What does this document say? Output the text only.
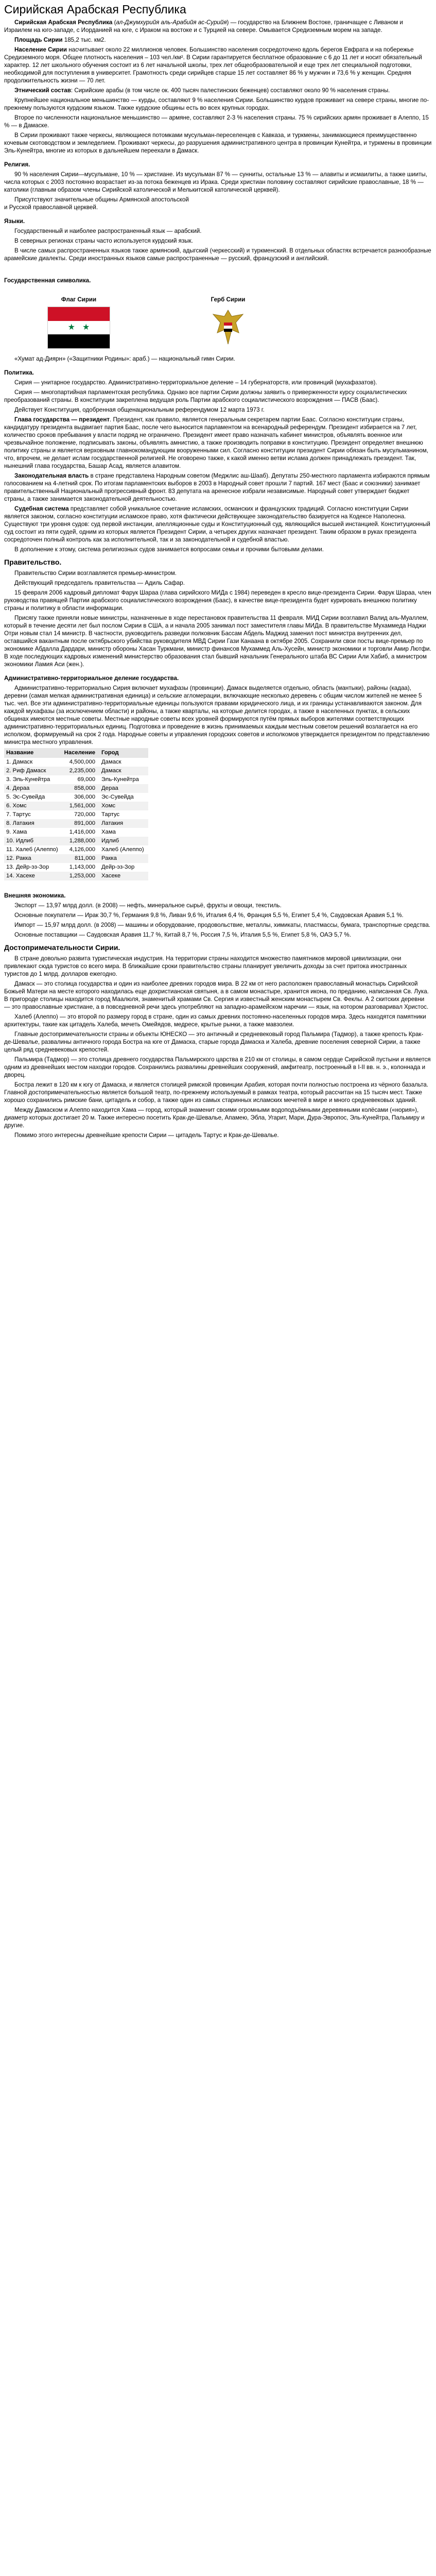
Сирийская Арабская Республика

Сирийская Арабская Республика (ал-Джумхурийя аль-Арабийя ас-Сурийя) — государство на Ближнем Востоке, граничащее с Ливаном и Израилем на юго-западе, с Иорданией на юге, с Ираком на востоке и с Турцией на севере. Омывается Средиземным морем на западе.

Площадь Сирии 185,2 тыс. км2.

Население Сирии насчитывает около 22 миллионов человек. Большинство населения сосредоточено вдоль берегов Евфрата и на побережье Средиземного моря. Общее плотность населения – 103 чел./км². В Сирии гарантируется бесплатное образование с 6 до 11 лет и носит обязательный характер. 12 лет школьного обучения состоит из 6 лет начальной школы, трех лет общеобразовательной и еще трех лет специальной подготовки, необходимой для поступления в университет. Грамотность среди сирийцев старше 15 лет составляет 86 % у мужчин и 73,6 % у женщин. Средняя продолжительность жизни — 70 лет.

Этнический состав: Сирийские арабы (в том числе ок. 400 тысяч палестинских беженцев) составляют около 90 % населения страны.

Крупнейшее национальное меньшинство — курды, составляют 9 % населения Сирии. Большинство курдов проживает на севере страны, многие по-прежнему пользуются курдским языком. Также курдские общины есть во всех крупных городах.

Второе по численности национальное меньшинство — армяне, составляют 2-3 % населения страны. 75 % сирийских армян проживает в Алеппо, 15 % — в Дамаске.

В Сирии проживают также черкесы, являющиеся потомками мусульман-переселенцев с Кавказа, и туркмены, занимающиеся преимущественно кочевым скотоводством и земледелием. Проживают черкесы, до разрушения административного центра в провинции Кунейтра, и туркмены в провинции Эль-Кунейтра, многие из которых в дальнейшем переехали в Дамаск.

Религия.

90 % населения Сирии—мусульмане, 10 % — христиане. Из мусульман 87 % — сунниты, остальные 13 % — алавиты и исмаилиты, а также шииты, числа которых с 2003 постоянно возрастает из-за потока беженцев из Ирака. Среди христиан половину составляют сирийские православные, 18 % — католики (главным образом члены Сирийской католической и Мелькитской католической церквей).

Присутствуют значительные общины Армянской апостольской

и Русской православной церквей.

Языки.

Государственный и наиболее распространенный язык — арабский.

В северных регионах страны часто используется курдский язык.

В числе самых распространенных языков также армянский, адыгский (черкесский) и туркменский. В отдельных областях встречается разнообразные арамейские диалекты. Среди иностранных языков самые распространенные — русский, французский и английский.

Государственная символика.
Флаг Сирии	Герб Сирии
★ ★

«Хумат ад-Диярн» («Защитники Родины»: араб.) — национальный гимн Сирии.

Политика.

Сирия — унитарное государство. Административно-территориальное деление – 14 губернаторств, или провинций (мухафазатов).

Сирия — многопартийная парламентская республика. Однако все партии Сирии должны заявить о приверженности курсу социалистических преобразований страны. В конституции закреплена ведущая роль Партии арабского социалистического возрождения — ПАСВ (Баас).

Действует Конституция, одобренная общенациональным референдумом 12 марта 1973 г.

Глава государства — президент. Президент, как правило, является генеральным секретарем партии Баас. Согласно конституции страны, кандидатуру президента выдвигает партия Баас, после чего выносится парламентом на всенародный референдум. Президент избирается на 7 лет, количество сроков пребывания у власти подряд не ограничено. Президент имеет право назначать кабинет министров, объявлять военное или чрезвычайное положение, подписывать законы, объявлять амнистию, а также производить поправки в конституцию. Президент определяет внешнюю политику страны и является верховным главнокомандующим вооруженными сил. Согласно конституции президент Сирии обязан быть мусульманином, что, впрочем, не делает ислам государственной религией. Не оговорено также, к какой именно ветви ислама должен принадлежать президент. Так, нынешний глава государства, Башар Асад, является алавитом.

Законодательная власть в стране представлена Народным советом (Меджлис аш-Шааб). Депутаты 250-местного парламента избираются прямым голосованием на 4-летний срок. По итогам парламентских выборов в 2003 в Народный совет прошли 7 партий. 167 мест (Баас и союзники) занимает правительственный Национальный прогрессивный фронт. 83 депутата на аренесное избрали независимые. Народный совет утверждает бюджет страны, а также занимается законодательной деятельностью.

Судебная система представляет собой уникальное сочетание исламских, османских и французских традиций. Согласно конституции Сирии является законом, согласно конституции исламское право, хотя фактически действующее законодательство базируется на Кодексе Наполеона. Существуют три уровня судов: суд первой инстанции, апелляционные суды и Конституционный суд, являющийся высшей инстанцией. Конституционный суд состоит из пяти судей, одним из которых является Президент Сирии, а четырех других назначает президент. Таким образом в руках президента сосредоточен полный контроль как за исполнительной, так и за законодательной и судебной властью.

В дополнение к этому, система религиозных судов занимается вопросами семьи и прочими бытовыми делами.

Правительство.

Правительство Сирии возглавляется премьер-министром.

Действующий председатель правительства — Адиль Сафар.

15 февраля 2006 кадровый дипломат Фарук Шараа (глава сирийского МИДа с 1984) переведен в кресло вице-президента Сирии. Фарук Шараа, член руководства правящей Партии арабского социалистического возрождения (Баас), в качестве вице-президента будет курировать внешнюю политику страны и политику в области информации.

Присягу также приняли новые министры, назначенные в ходе перестановок правительства 11 февраля. МИД Сирии возглавил Валид аль-Муаллем, который в течение десяти лет был послом Сирии в США, а и начала 2005 занимал пост заместителя главы МИДа. В правительстве Мухаммеда Наджи Отри новым стал 14 министр. В частности, руководитель разведки полковник Бассам Абдель Маджид заменил пост министра внутренних дел, оставшийся вакантным после октябрьского убийства руководителя МВД Сирии Гази Канаана в октябре 2005. Сохранили свои посты вице-премьер по экономике Абдалла Дардари, министр обороны Хасан Туркмани, министр финансов Мухаммед Аль-Хусейн, министр экономики и торговли Амир Лютфи. В ходе последующих кадровых изменений министерство образования стал бывший начальник Генерального штаба ВС Сирии Али Хабиб, а министром экономики Ламия Аси (жен.).

Административно-территориальное деление государства.

Административно-территориально Сирия включает мухафазы (провинции). Дамаск выделяется отдельно, область (мантыки), районы (кадаа), деревни (самая мелкая административная единица) и сельские агломерации, включающие несколько деревень с общим числом жителей не менее 5 тыс. чел. Все эти административно-территориальные единицы пользуются правами юридического лица, и их границы устанавливаются законом. Для каждой мухафазы (за исключением области) и районы, а также кварталы, на которые делится городах, а также в населенных пунктах, в сельских общинах имеются местные советы. Местные народные советы всех уровней формируются путём прямых выборов жителями соответствующих административно-территориальных единиц. Подготовка и проведение в жизнь принимаемых каждым местным советом решений возлагается на его исполком, формируемый на срок 2 года. Народные советы и управления городских советов и исполкомов утверждается президентом по представлению министра местного управления.

Название	Население	Город
1. Дамаск	4,500,000	Дамаск
2. Риф Дамаск	2,235,000	Дамаск
3. Эль-Кунейтра	69,000	Эль-Кунейтра
4. Дераа	858,000	Дераа
5. Эс-Сувейда	306,000	Эс-Сувейда
6. Хомс	1,561,000	Хомс
7. Тартус	720,000	Тартус
8. Латакия	891,000	Латакия
9. Хама	1,416,000	Хама
10. Идлиб	1,288,000	Идлиб
11. Халеб (Алеппо)	4,126,000	Халеб (Алеппо)
12. Ракка	811,000	Ракка
13. Дейр-эз-Зор	1,143,000	Дейр-эз-Зор
14. Хасеке	1,253,000	Хасеке
Внешняя экономика.

Экспорт — 13,97 млрд долл. (в 2008) — нефть, минеральное сырьё, фрукты и овощи, текстиль.

Основные покупатели — Ирак 30,7 %, Германия 9,8 %, Ливан 9,6 %, Италия 6,4 %, Франция 5,5 %, Египет 5,4 %, Саудовская Аравия 5,1 %.

Импорт — 15,97 млрд долл. (в 2008) — машины и оборудование, продовольствие, металлы, химикаты, пластмассы, бумага, транспортные средства.

Основные поставщики — Саудовская Аравия 11,7 %, Китай 8,7 %, Россия 7,5 %, Италия 5,5 %, Египет 5,8 %, ОАЭ 5,7 %.

Достопримечательности Сирии.

В стране довольно развита туристическая индустрия. На территории страны находится множество памятников мировой цивилизации, они привлекают сюда туристов со всего мира. В ближайшие сроки правительство страны планирует увеличить доходы за счет притока иностранных туристов до 1 млрд. долларов ежегодно.

Дамаск — это столица государства и один из наиболее древних городов мира. В 22 км от него расположен православный монастырь Сирийской Божьей Матери на месте которого находилась еще дохристианская святыня, а в самом монастыре, хранится икона, по преданию, написанная Св. Лука. В пригороде столицы находится город Маалюля, знаменитый храмами Св. Сергия и известный женским монастырем Св. Феклы. А 2 скитских деревни — это православные христиане, а в повседневной речи здесь употребляют на западно-арамейском наречии — язык, на котором разговаривал Христос.

Халеб (Алеппо) — это второй по размеру город в стране, один из самых древних постоянно-населенных городов мира. Здесь находятся памятники архитектуры, такие как цитадель Халеба, мечеть Омейядов, медресе, крытые рынки, а также мавзолеи.

Главные достопримечательности страны и объекты ЮНЕСКО — это античный и средневековый город Пальмира (Тадмор), а также крепость Крак-де-Шевалье, развалины античного города Бостра на юге от Дамаска, старые города Дамаска и Халеба, древние поселения северной Сирии, а также целый ряд средневековых крепостей.

Пальмира (Тадмор) — это столица древнего государства Пальмирского царства в 210 км от столицы, в самом сердце Сирийской пустыни и является одним из древнейших местом находки городов. Сохранились развалины древнейших сооружений, амфитеатр, построенный в I-II вв. н. э., колоннада и дворец.

Бостра лежит в 120 км к югу от Дамаска, и является столицей римской провинции Арабия, которая почти полностью построена из чёрного базальта. Главной достопримечательностью является большой театр, по-прежнему используемый в рамках театра, который рассчитан на 15 тысяч мест. Также хорошо сохранились римские бани, цитадель и собор, а также один из самых старинных исламских мечетей в мире и много средневековых зданий.

Между Дамаском и Алеппо находится Хама — город, который знаменит своими огромными водоподъёмными деревянными колёсами («нория»), диаметр которых достигает 20 м. Также интересно посетить Крак-де-Шевалье, Апамею, Эбла, Угарит, Мари, Дура-Эвропос, Эль-Кунейтра, Пальмиру и другие.

Помимо этого интересны древнейшие крепости Сирии — цитадель Тартус и Крак-де-Шевалье.
